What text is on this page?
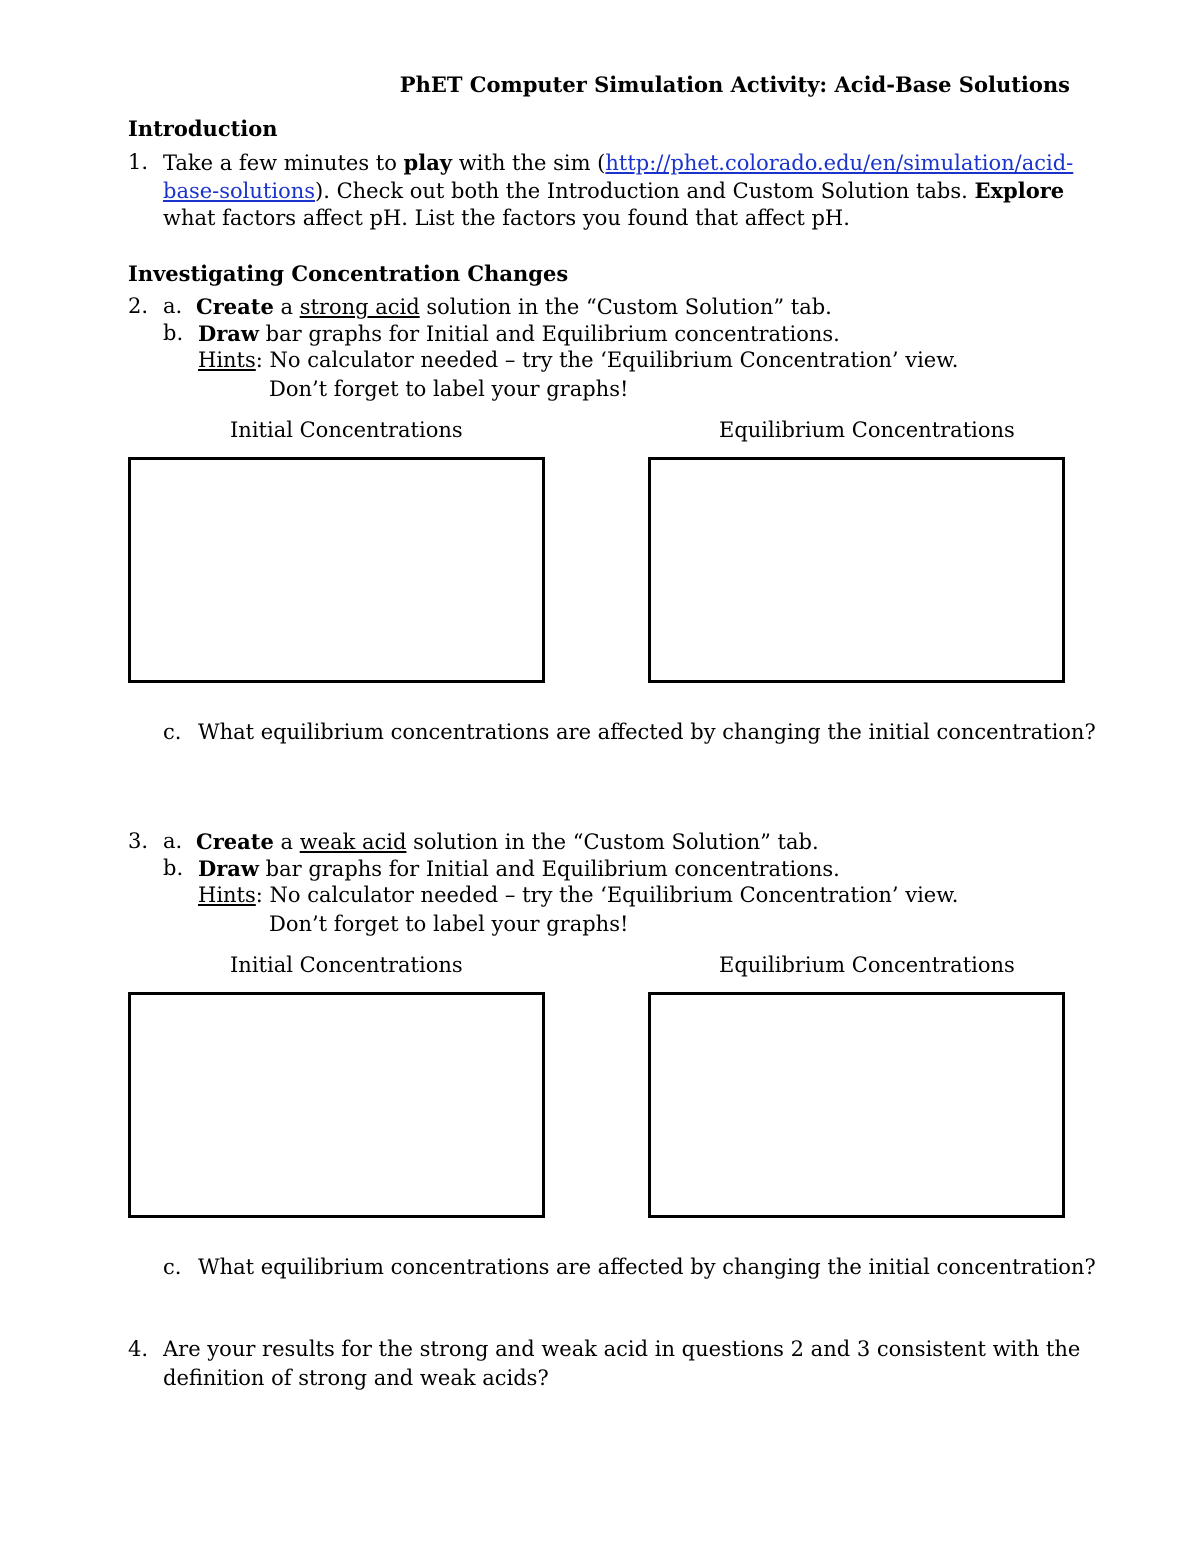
PhET Computer Simulation Activity: Acid-Base Solutions
Introduction
1. Take a few minutes to play with the sim (http://phet.colorado.edu/en/simulation/acid-
base-solutions). Check out both the Introduction and Custom Solution tabs. Explore
what factors affect pH. List the factors you found that affect pH.
Investigating Concentration Changes
2. a. Create a strong acid solution in the “Custom Solution” tab.
b. Draw bar graphs for Initial and Equilibrium concentrations.
Hints: No calculator needed – try the ‘Equilibrium Concentration’ view.
Don’t forget to label your graphs!
Initial Concentrations	Equilibrium Concentrations
c. What equilibrium concentrations are affected by changing the initial concentration?
3. a. Create a weak acid solution in the “Custom Solution” tab.
b. Draw bar graphs for Initial and Equilibrium concentrations.
Hints: No calculator needed – try the ‘Equilibrium Concentration’ view.
Don’t forget to label your graphs!
Initial Concentrations	Equilibrium Concentrations
c. What equilibrium concentrations are affected by changing the initial concentration?
4. Are your results for the strong and weak acid in questions 2 and 3 consistent with the
definition of strong and weak acids?
